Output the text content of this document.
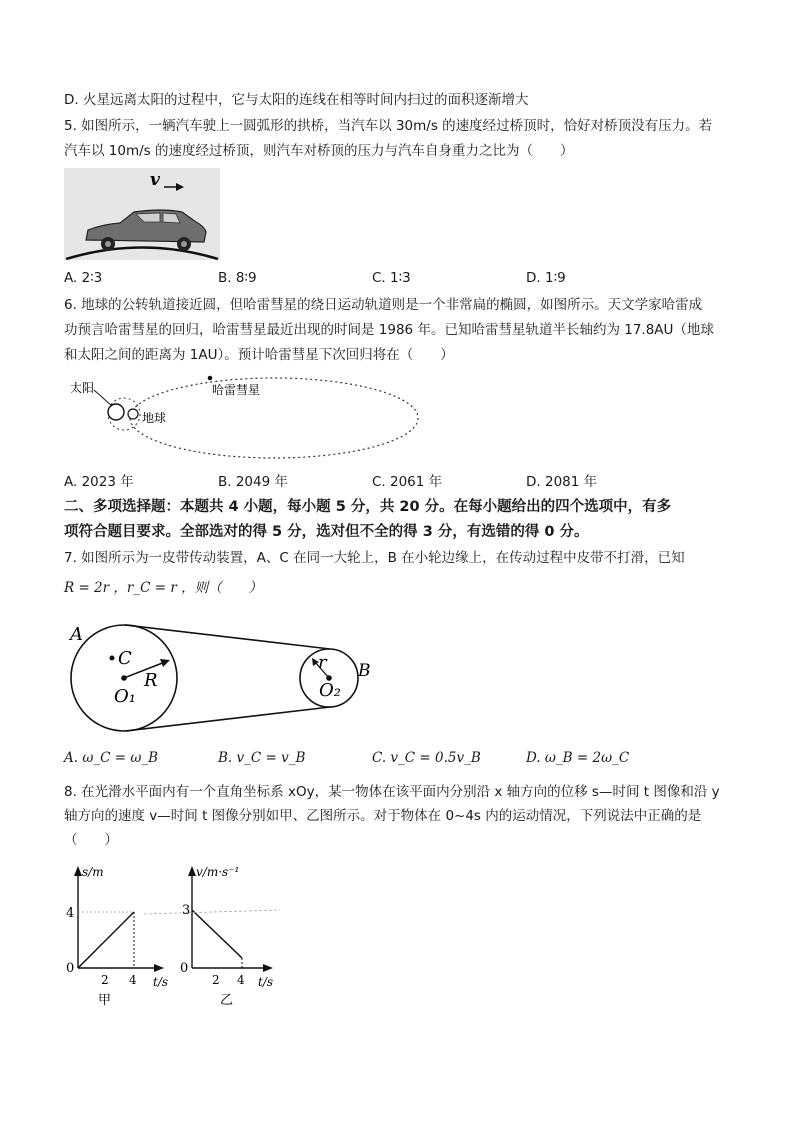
D. 火星远离太阳的过程中，它与太阳的连线在相等时间内扫过的面积逐渐增大
5. 如图所示，一辆汽车驶上一圆弧形的拱桥，当汽车以 30m/s 的速度经过桥顶时，恰好对桥顶没有压力。若
汽车以 10m/s 的速度经过桥顶，则汽车对桥顶的压力与汽车自身重力之比为（　　）
v
A. 2∶3	B. 8∶9	C. 1∶3	D. 1∶9
6. 地球的公转轨道接近圆，但哈雷彗星的绕日运动轨道则是一个非常扁的椭圆，如图所示。天文学家哈雷成
功预言哈雷彗星的回归，哈雷彗星最近出现的时间是 1986 年。已知哈雷彗星轨道半长轴约为 17.8AU（地球
和太阳之间的距离为 1AU）。预计哈雷彗星下次回归将在（　　）
太阳
地球
哈雷彗星
A. 2023 年	B. 2049 年	C. 2061 年	D. 2081 年
二、多项选择题：本题共 4 小题，每小题 5 分，共 20 分。在每小题给出的四个选项中，有多
项符合题目要求。全部选对的得 5 分，选对但不全的得 3 分，有选错的得 0 分。
7. 如图所示为一皮带传动装置，A、C 在同一大轮上，B 在小轮边缘上，在传动过程中皮带不打滑，已知
R = 2r ，r_C = r ，则（　　）
A
C
R
O₁
r
O₂
B
A. ω_C = ω_B	B. v_C = v_B	C. v_C = 0.5v_B	D. ω_B = 2ω_C
8. 在光滑水平面内有一个直角坐标系 xOy，某一物体在该平面内分别沿 x 轴方向的位移 s—时间 t 图像和沿 y
轴方向的速度 v—时间 t 图像分别如甲、乙图所示。对于物体在 0~4s 内的运动情况，下列说法中正确的是
（　　）
s/m
4
0
2 4 t/s
甲
v/m·s⁻¹
3
0
2 4 t/s
乙
